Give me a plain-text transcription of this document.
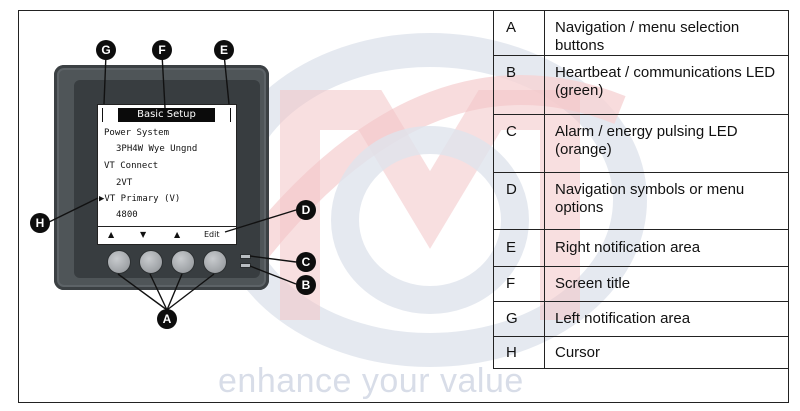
enhance your value
Basic Setup
Power System
3PH4W Wye Ungnd
VT Connect
2VT
▶VT Primary (V)
4800
▲	▼	▲	Edit
G	F	E
H
D
C
B
A
A	Navigation / menu selection buttons
B	Heartbeat / communications LED (green)
C	Alarm / energy pulsing LED (orange)
D	Navigation symbols or menu options
E	Right notification area
F	Screen title
G	Left notification area
H	Cursor
